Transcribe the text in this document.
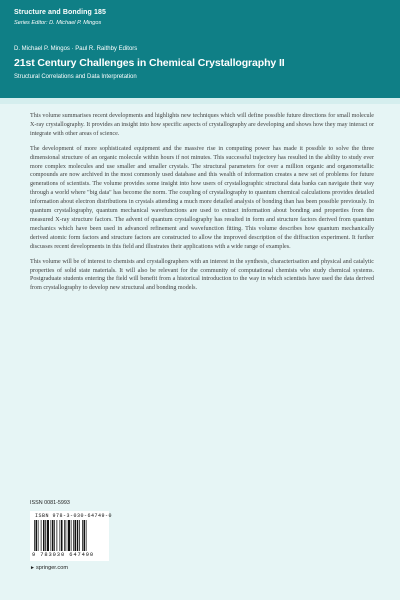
Structure and Bonding 185
Series Editor: D. Michael P. Mingos
D. Michael P. Mingos · Paul R. Raithby Editors
21st Century Challenges in Chemical Crystallography II
Structural Correlations and Data Interpretation

This volume summarises recent developments and highlights new techniques which will define possible future directions for small molecule X-ray crystallography. It provides an insight into how specific aspects of crystallography are developing and shows how they may interact or integrate with other areas of science.

The development of more sophisticated equipment and the massive rise in computing power has made it possible to solve the three dimensional structure of an organic molecule within hours if not minutes. This successful trajectory has resulted in the ability to study ever more complex molecules and use smaller and smaller crystals. The structural parameters for over a million organic and organometallic compounds are now archived in the most commonly used database and this wealth of information creates a new set of problems for future generations of scientists. The volume provides some insight into how users of crystallographic structural data banks can navigate their way through a world where "big data" has become the norm. The coupling of crystallography to quantum chemical calculations provides detailed information about electron distributions in crystals attending a much more detailed analysis of bonding than has been possible previously. In quantum crystallography, quantum mechanical wavefunctions are used to extract information about bonding and properties from the measured X-ray structure factors. The advent of quantum crystallography has resulted in form and structure factors derived from quantum mechanics which have been used in advanced refinement and wavefunction fitting. This volume describes how quantum mechanically derived atomic form factors and structure factors are constructed to allow the improved description of the diffraction experiment. It further discusses recent developments in this field and illustrates their applications with a wide range of examples.

This volume will be of interest to chemists and crystallographers with an interest in the synthesis, characterisation and physical and catalytic properties of solid state materials. It will also be relevant for the community of computational chemists who study chemical systems. Postgraduate students entering the field will benefit from a historical introduction to the way in which scientists have used the data derived from crystallography to develop new structural and bonding models.

ISSN 0081-5993
ISBN 978-3-030-64749-0
9 783030 647490
►springer.com
